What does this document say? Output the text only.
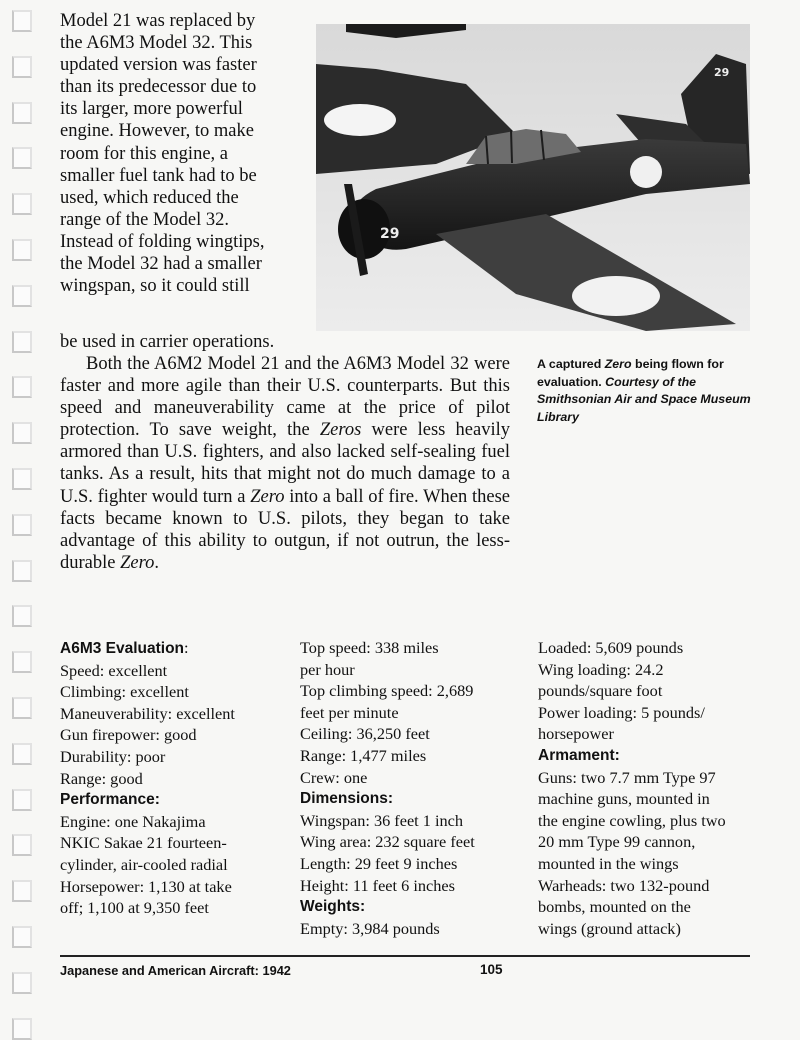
Model 21 was replaced by
the A6M3 Model 32. This
updated version was faster
than its predecessor due to
its larger, more powerful
engine. However, to make
room for this engine, a
smaller fuel tank had to be
used, which reduced the
range of the Model 32.
Instead of folding wingtips,
the Model 32 had a smaller
wingspan, so it could still
be used in carrier operations.
Both the A6M2 Model 21 and the A6M3 Model 32 were faster and more agile than their U.S. counterparts. But this speed and maneuverability came at the price of pilot protection. To save weight, the Zeros were less heavily armored than U.S. fighters, and also lacked self-sealing fuel tanks. As a result, hits that might not do much damage to a U.S. fighter would turn a Zero into a ball of fire. When these facts became known to U.S. pilots, they began to take advantage of this ability to outgun, if not outrun, the less-durable Zero.
29
29
A captured Zero being flown for evaluation. Courtesy of the Smithsonian Air and Space Museum Library
A6M3 Evaluation:
Speed: excellent
Climbing: excellent
Maneuverability: excellent
Gun firepower: good
Durability: poor
Range: good
Performance:
Engine: one Nakajima
NKIC Sakae 21 fourteen-
cylinder, air-cooled radial
Horsepower: 1,130 at take
off; 1,100 at 9,350 feet
Top speed: 338 miles
per hour
Top climbing speed: 2,689
feet per minute
Ceiling: 36,250 feet
Range: 1,477 miles
Crew: one
Dimensions:
Wingspan: 36 feet 1 inch
Wing area: 232 square feet
Length: 29 feet 9 inches
Height: 11 feet 6 inches
Weights:
Empty: 3,984 pounds
Loaded: 5,609 pounds
Wing loading: 24.2
pounds/square foot
Power loading: 5 pounds/
horsepower
Armament:
Guns: two 7.7 mm Type 97
machine guns, mounted in
the engine cowling, plus two
20 mm Type 99 cannon,
mounted in the wings
Warheads: two 132-pound
bombs, mounted on the
wings (ground attack)
Japanese and American Aircraft: 1942	105
